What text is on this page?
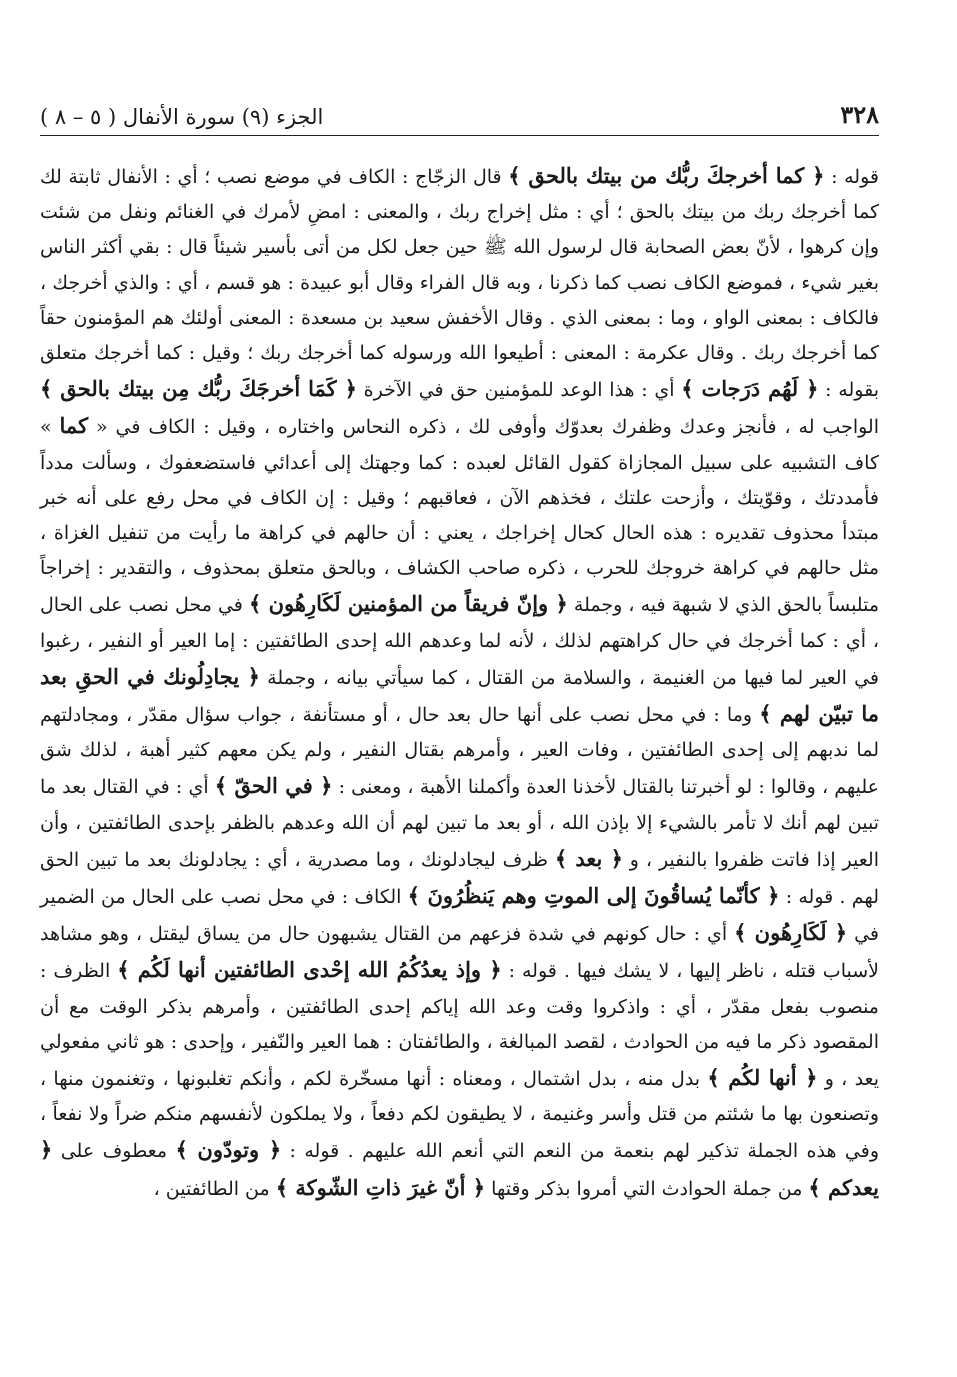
٣٢٨
الجزء (٩) سورة الأنفال ( ٥ – ٨ )

قوله : ﴿ كما أخرجكَ ربُّك من بيتك بالحق ﴾ قال الزجّاج : الكاف في موضع نصب ؛ أي : الأنفال ثابتة لك كما أخرجك ربك من بيتك بالحق ؛ أي : مثل إخراج ربك ، والمعنى : امضِ لأمرك في الغنائم ونفل من شئت وإن كرهوا ، لأنّ بعض الصحابة قال لرسول الله ﷺ حين جعل لكل من أتى بأسير شيئاً قال : بقي أكثر الناس بغير شيء ، فموضع الكاف نصب كما ذكرنا ، وبه قال الفراء وقال أبو عبيدة : هو قسم ، أي : والذي أخرجك ، فالكاف : بمعنى الواو ، وما : بمعنى الذي . وقال الأخفش سعيد بن مسعدة : المعنى أولئك هم المؤمنون حقاً كما أخرجك ربك . وقال عكرمة : المعنى : أطيعوا الله ورسوله كما أخرجك ربك ؛ وقيل : كما أخرجك متعلق بقوله : ﴿ لَهُم دَرَجات ﴾ أي : هذا الوعد للمؤمنين حق في الآخرة ﴿ كَمَا أخرجَكَ ربُّك مِن بيتك بالحق ﴾ الواجب له ، فأنجز وعدك وظفرك بعدوّك وأوفى لك ، ذكره النحاس واختاره ، وقيل : الكاف في « كما » كاف التشبيه على سبيل المجازاة كقول القائل لعبده : كما وجهتك إلى أعدائي فاستضعفوك ، وسألت مدداً فأمددتك ، وقوّيتك ، وأزحت علتك ، فخذهم الآن ، فعاقبهم ؛ وقيل : إن الكاف في محل رفع على أنه خبر مبتدأ محذوف تقديره : هذه الحال كحال إخراجك ، يعني : أن حالهم في كراهة ما رأيت من تنفيل الغزاة ، مثل حالهم في كراهة خروجك للحرب ، ذكره صاحب الكشاف ، وبالحق متعلق بمحذوف ، والتقدير : إخراجاً متلبساً بالحق الذي لا شبهة فيه ، وجملة ﴿ وإنّ فريقاً من المؤمنين لَكَارِهُون ﴾ في محل نصب على الحال ، أي : كما أخرجك في حال كراهتهم لذلك ، لأنه لما وعدهم الله إحدى الطائفتين : إما العير أو النفير ، رغبوا في العير لما فيها من الغنيمة ، والسلامة من القتال ، كما سيأتي بيانه ، وجملة ﴿ يجادِلُونك في الحقِ بعد ما تبيّن لهم ﴾ وما : في محل نصب على أنها حال بعد حال ، أو مستأنفة ، جواب سؤال مقدّر ، ومجادلتهم لما ندبهم إلى إحدى الطائفتين ، وفات العير ، وأمرهم بقتال النفير ، ولم يكن معهم كثير أهبة ، لذلك شق عليهم ، وقالوا : لو أخبرتنا بالقتال لأخذنا العدة وأكملنا الأهبة ، ومعنى : ﴿ في الحقّ ﴾ أي : في القتال بعد ما تبين لهم أنك لا تأمر بالشيء إلا بإذن الله ، أو بعد ما تبين لهم أن الله وعدهم بالظفر بإحدى الطائفتين ، وأن العير إذا فاتت ظفروا بالنفير ، و ﴿ بعد ﴾ ظرف ليجادلونك ، وما مصدرية ، أي : يجادلونك بعد ما تبين الحق لهم . قوله : ﴿ كأنّما يُساقُونَ إلى الموتِ وهم يَنظُرُونَ ﴾ الكاف : في محل نصب على الحال من الضمير في ﴿ لَكَارِهُون ﴾ أي : حال كونهم في شدة فزعهم من القتال يشبهون حال من يساق ليقتل ، وهو مشاهد لأسباب قتله ، ناظر إليها ، لا يشك فيها . قوله : ﴿ وإذ يعدُكُمُ الله إحْدى الطائفتين أنها لَكُم ﴾ الظرف : منصوب بفعل مقدّر ، أي : واذكروا وقت وعد الله إياكم إحدى الطائفتين ، وأمرهم بذكر الوقت مع أن المقصود ذكر ما فيه من الحوادث ، لقصد المبالغة ، والطائفتان : هما العير والنّفير ، وإحدى : هو ثاني مفعولي يعد ، و ﴿ أنها لكُم ﴾ بدل منه ، بدل اشتمال ، ومعناه : أنها مسخّرة لكم ، وأنكم تغلبونها ، وتغنمون منها ، وتصنعون بها ما شئتم من قتل وأسر وغنيمة ، لا يطيقون لكم دفعاً ، ولا يملكون لأنفسهم منكم ضراً ولا نفعاً ، وفي هذه الجملة تذكير لهم بنعمة من النعم التي أنعم الله عليهم . قوله : ﴿ وتودّون ﴾ معطوف على ﴿ يعدكم ﴾ من جملة الحوادث التي أمروا بذكر وقتها ﴿ أنّ غيرَ ذاتِ الشّوكة ﴾ من الطائفتين ،
